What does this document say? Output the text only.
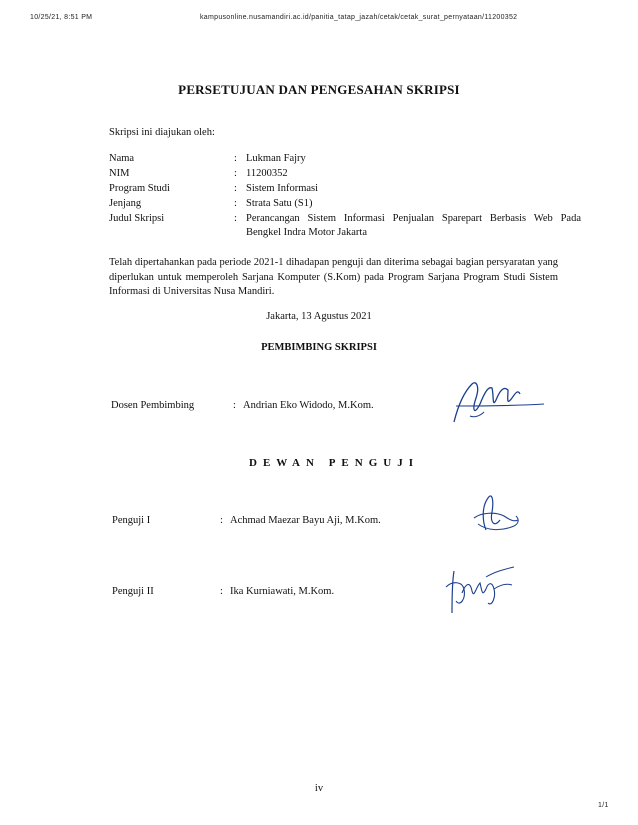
10/25/21, 8:51 PM	kampusonline.nusamandiri.ac.id/panitia_tatap_jazah/cetak/cetak_surat_pernyataan/11200352
PERSETUJUAN DAN PENGESAHAN SKRIPSI
Skripsi ini diajukan oleh:
Nama	: Lukman Fajry
NIM	: 11200352
Program Studi	: Sistem Informasi
Jenjang	: Strata Satu (S1)
Judul Skripsi	: Perancangan Sistem Informasi Penjualan Sparepart Berbasis Web Pada Bengkel Indra Motor Jakarta
Telah dipertahankan pada periode 2021-1 dihadapan penguji dan diterima sebagai bagian persyaratan yang diperlukan untuk memperoleh Sarjana Komputer (S.Kom) pada Program Sarjana Program Studi Sistem Informasi di Universitas Nusa Mandiri.
Jakarta, 13 Agustus 2021
PEMBIMBING SKRIPSI
Dosen Pembimbing	: Andrian Eko Widodo, M.Kom.
DEWAN PENGUJI
Penguji I	: Achmad Maezar Bayu Aji, M.Kom.
Penguji II	: Ika Kurniawati, M.Kom.
iv
1/1
